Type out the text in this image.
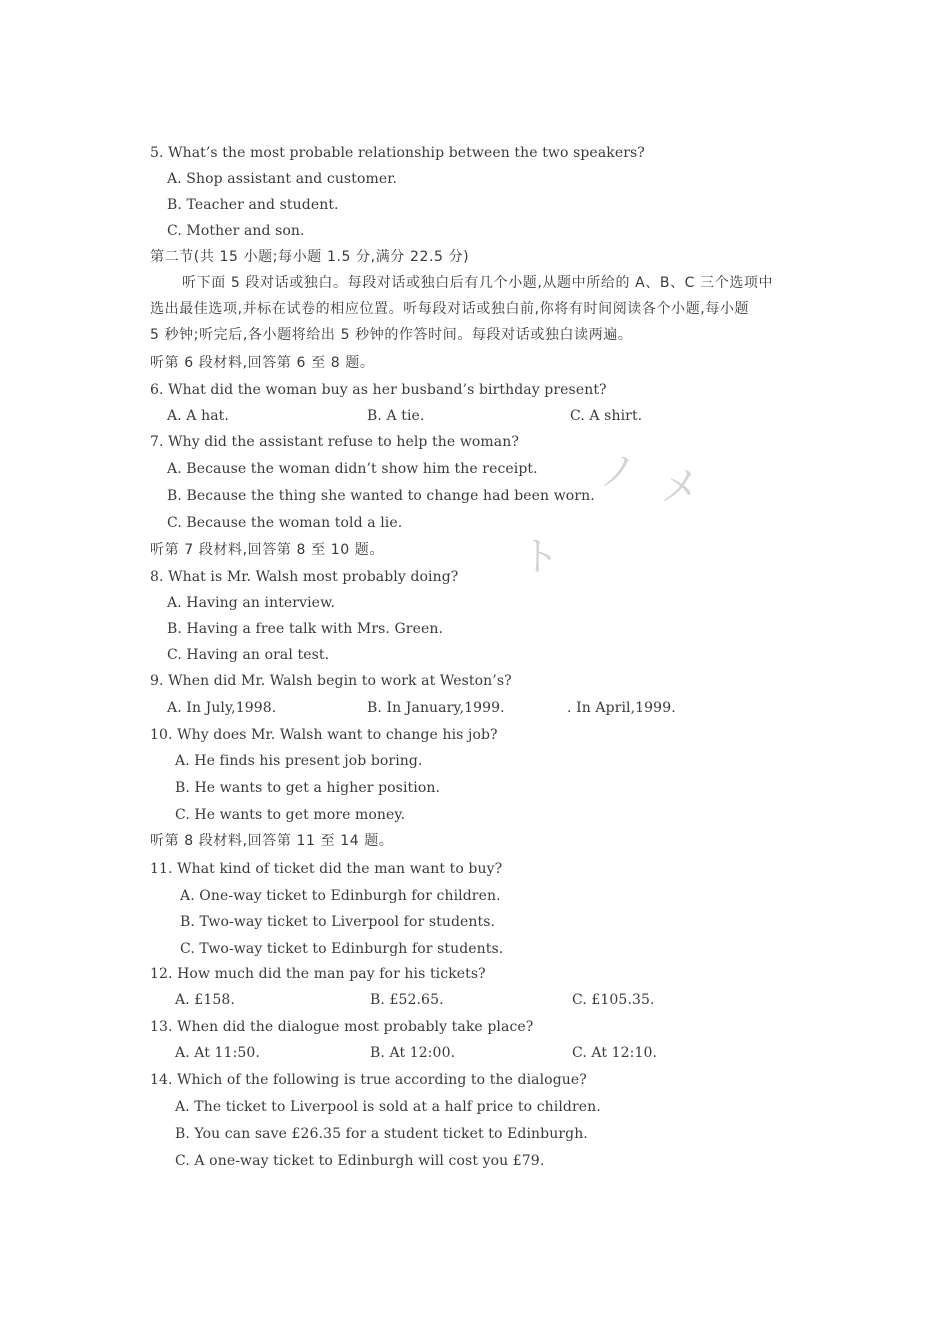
ノ メ
ト
5. What’s the most probable relationship between the two speakers?
A. Shop assistant and customer.
B. Teacher and student.
C. Mother and son.
第二节(共 15 小题;每小题 1.5 分,满分 22.5 分)
听下面 5 段对话或独白。每段对话或独白后有几个小题,从题中所给的 A、B、C 三个选项中
选出最佳选项,并标在试卷的相应位置。听每段对话或独白前,你将有时间阅读各个小题,每小题
5 秒钟;听完后,各小题将给出 5 秒钟的作答时间。每段对话或独白读两遍。
听第 6 段材料,回答第 6 至 8 题。
6. What did the woman buy as her busband’s birthday present?
A. A hat.	B. A tie.	C. A shirt.
7. Why did the assistant refuse to help the woman?
A. Because the woman didn’t show him the receipt.
B. Because the thing she wanted to change had been worn.
C. Because the woman told a lie.
听第 7 段材料,回答第 8 至 10 题。
8. What is Mr. Walsh most probably doing?
A. Having an interview.
B. Having a free talk with Mrs. Green.
C. Having an oral test.
9. When did Mr. Walsh begin to work at Weston’s?
A. In July,1998.	B. In January,1999.	. In April,1999.
10. Why does Mr. Walsh want to change his job?
A. He finds his present job boring.
B. He wants to get a higher position.
C. He wants to get more money.
听第 8 段材料,回答第 11 至 14 题。
11. What kind of ticket did the man want to buy?
A. One-way ticket to Edinburgh for children.
B. Two-way ticket to Liverpool for students.
C. Two-way ticket to Edinburgh for students.
12. How much did the man pay for his tickets?
A. £158.	B. £52.65.	C. £105.35.
13. When did the dialogue most probably take place?
A. At 11:50.	B. At 12:00.	C. At 12:10.
14. Which of the following is true according to the dialogue?
A. The ticket to Liverpool is sold at a half price to children.
B. You can save £26.35 for a student ticket to Edinburgh.
C. A one-way ticket to Edinburgh will cost you £79.
